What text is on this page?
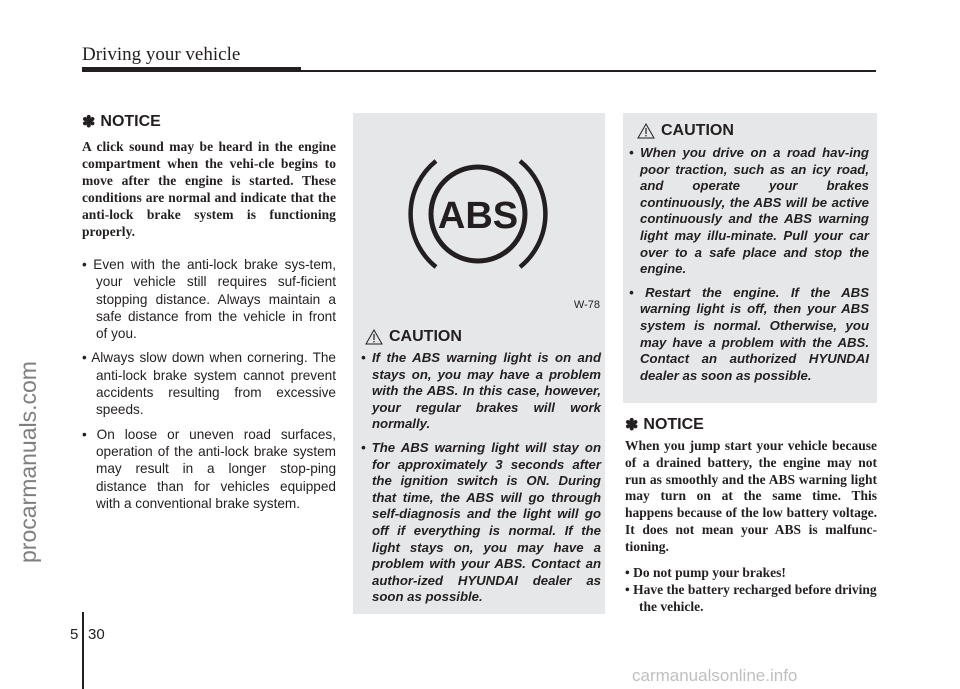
Driving your vehicle
procarmanuals.com
✽ NOTICE
A click sound may be heard in the engine compartment when the vehi-cle begins to move after the engine is started. These conditions are normal and indicate that the anti-lock brake system is functioning properly.
• Even with the anti-lock brake sys-tem, your vehicle still requires suf-ficient stopping distance. Always maintain a safe distance from the vehicle in front of you.
• Always slow down when cornering. The anti-lock brake system cannot prevent accidents resulting from excessive speeds.
• On loose or uneven road surfaces, operation of the anti-lock brake system may result in a longer stop-ping distance than for vehicles equipped with a conventional brake system.
ABS
W-78
CAUTION
• If the ABS warning light is on and stays on, you may have a problem with the ABS. In this case, however, your regular brakes will work normally.
• The ABS warning light will stay on for approximately 3 seconds after the ignition switch is ON. During that time, the ABS will go through self-diagnosis and the light will go off if everything is normal. If the light stays on, you may have a problem with your ABS. Contact an author-ized HYUNDAI dealer as soon as possible.
CAUTION
• When you drive on a road hav-ing poor traction, such as an icy road, and operate your brakes continuously, the ABS will be active continuously and the ABS warning light may illu-minate. Pull your car over to a safe place and stop the engine.
• Restart the engine. If the ABS warning light is off, then your ABS system is normal. Otherwise, you may have a problem with the ABS. Contact an authorized HYUNDAI dealer as soon as possible.
✽ NOTICE

When you jump start your vehicle because of a drained battery, the engine may not run as smoothly and the ABS warning light may turn on at the same time. This happens because of the low battery voltage. It does not mean your ABS is malfunc-tioning.

• Do not pump your brakes!
• Have the battery recharged before driving the vehicle.
5 30
carmanualsonline.info
